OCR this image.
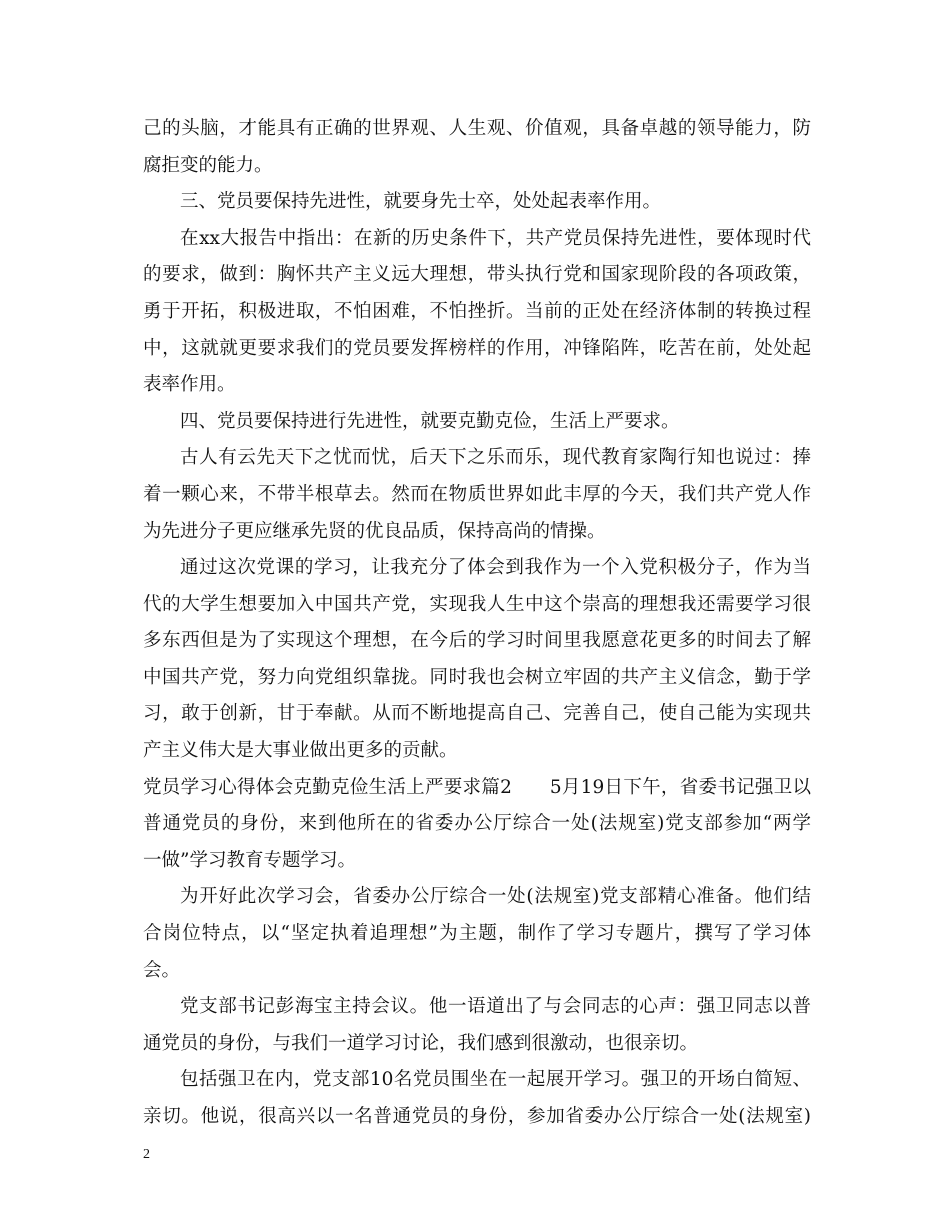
己的头脑，才能具有正确的世界观、人生观、价值观，具备卓越的领导能力，防
腐拒变的能力。
三、党员要保持先进性，就要身先士卒，处处起表率作用。
在xx大报告中指出：在新的历史条件下，共产党员保持先进性，要体现时代
的要求，做到：胸怀共产主义远大理想，带头执行党和国家现阶段的各项政策，
勇于开拓，积极进取，不怕困难，不怕挫折。当前的正处在经济体制的转换过程
中，这就就更要求我们的党员要发挥榜样的作用，冲锋陷阵，吃苦在前，处处起
表率作用。
四、党员要保持进行先进性，就要克勤克俭，生活上严要求。
古人有云先天下之忧而忧，后天下之乐而乐，现代教育家陶行知也说过：捧
着一颗心来，不带半根草去。然而在物质世界如此丰厚的今天，我们共产党人作
为先进分子更应继承先贤的优良品质，保持高尚的情操。
通过这次党课的学习，让我充分了体会到我作为一个入党积极分子，作为当
代的大学生想要加入中国共产党，实现我人生中这个崇高的理想我还需要学习很
多东西但是为了实现这个理想，在今后的学习时间里我愿意花更多的时间去了解
中国共产党，努力向党组织靠拢。同时我也会树立牢固的共产主义信念，勤于学
习，敢于创新，甘于奉献。从而不断地提高自己、完善自己，使自己能为实现共
产主义伟大是大事业做出更多的贡献。
党员学习心得体会克勤克俭生活上严要求篇2　　5月19日下午，省委书记强卫以
普通党员的身份，来到他所在的省委办公厅综合一处(法规室)党支部参加“两学
一做”学习教育专题学习。
为开好此次学习会，省委办公厅综合一处(法规室)党支部精心准备。他们结
合岗位特点，以“坚定执着追理想”为主题，制作了学习专题片，撰写了学习体
会。
党支部书记彭海宝主持会议。他一语道出了与会同志的心声：强卫同志以普
通党员的身份，与我们一道学习讨论，我们感到很激动，也很亲切。
包括强卫在内，党支部10名党员围坐在一起展开学习。强卫的开场白简短、
亲切。他说，很高兴以一名普通党员的身份，参加省委办公厅综合一处(法规室)
2
